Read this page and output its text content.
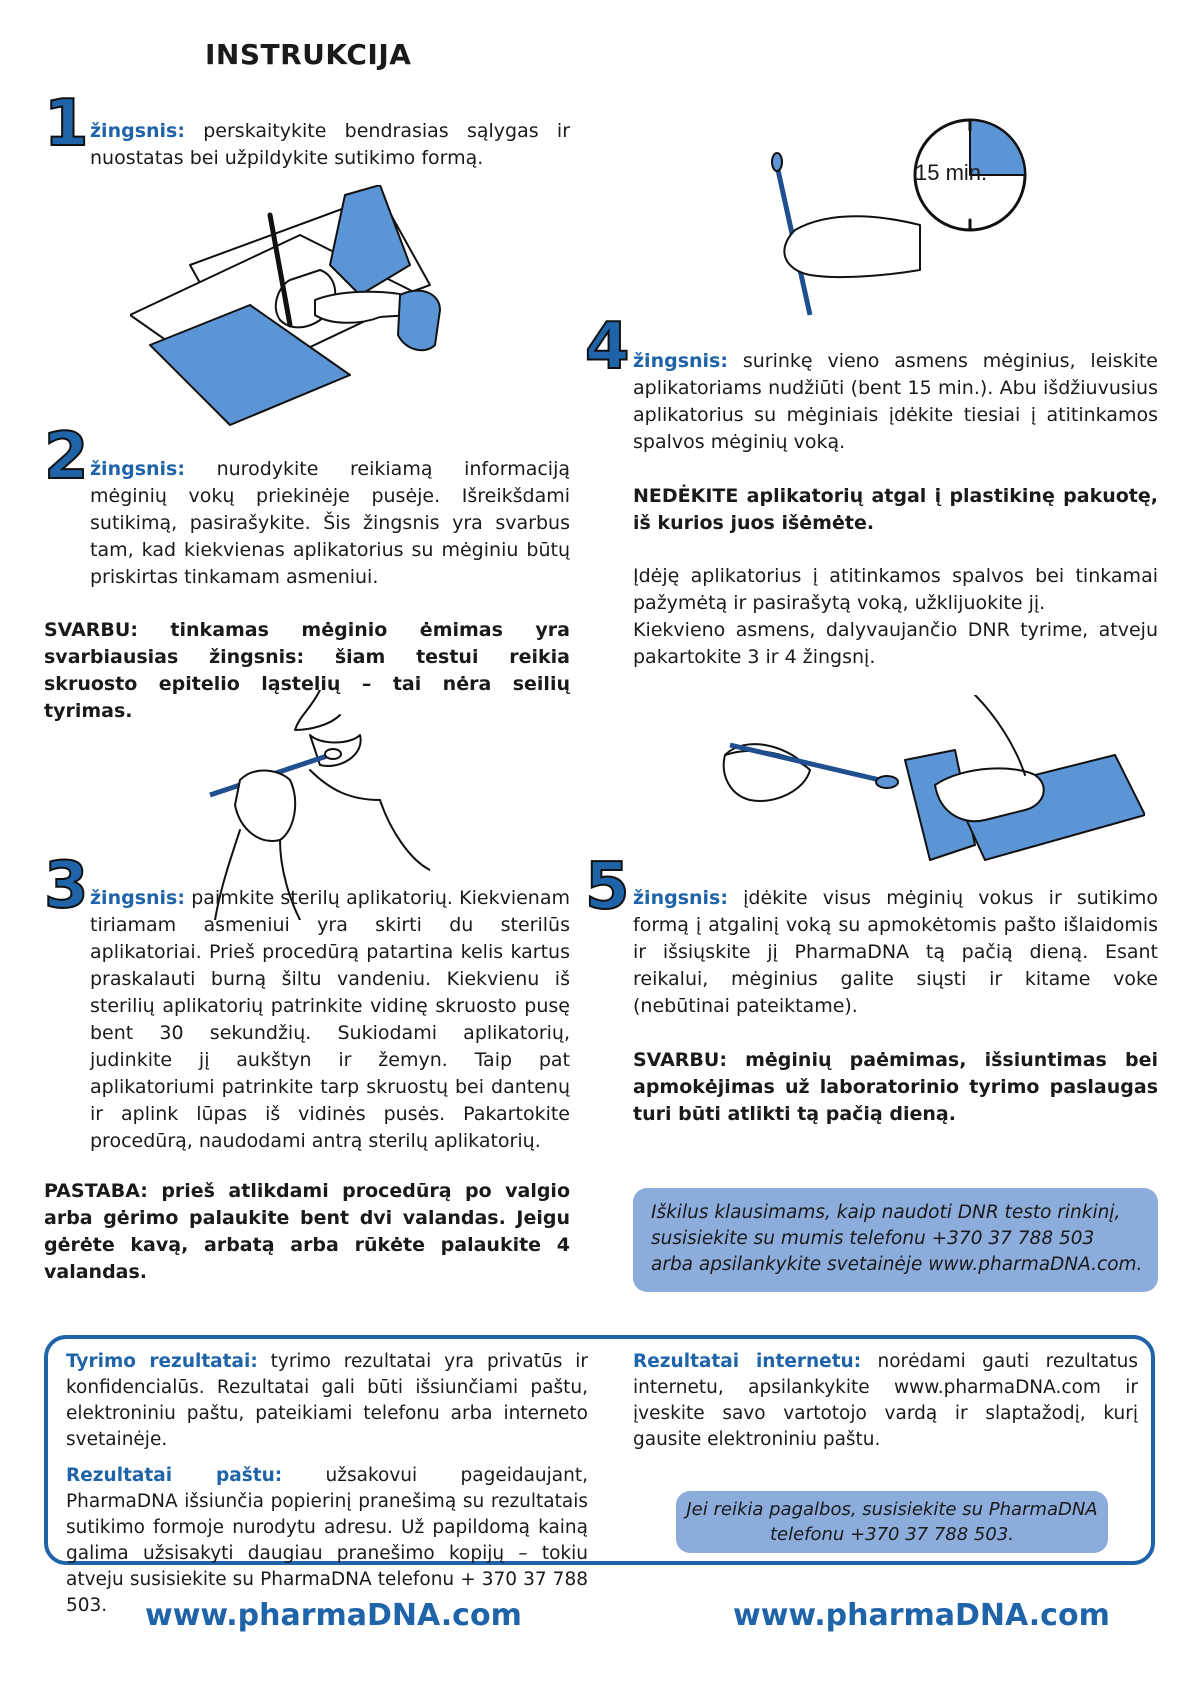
INSTRUKCIJA
1 žingsnis: perskaitykite bendrasias sąlygas ir nuostatas bei užpildykite sutikimo formą.

2 žingsnis: nurodykite reikiamą informaciją mėginių vokų priekinėje pusėje. Išreikšdami sutikimą, pasirašykite. Šis žingsnis yra svarbus tam, kad kiekvienas aplikatorius su mėginiu būtų priskirtas tinkamam asmeniui.

SVARBU: tinkamas mėginio ėmimas yra svarbiausias žingsnis: šiam testui reikia skruosto epitelio ląstelių – tai nėra seilių tyrimas.
3 žingsnis: paimkite sterilų aplikatorių. Kiekvienam tiriamam asmeniui yra skirti du sterilūs aplikatoriai. Prieš procedūrą patartina kelis kartus praskalauti burną šiltu vandeniu. Kiekvienu iš sterilių aplikatorių patrinkite vidinę skruosto pusę bent 30 sekundžių. Sukiodami aplikatorių, judinkite jį aukštyn ir žemyn. Taip pat aplikatoriumi patrinkite tarp skruostų bei dantenų ir aplink lūpas iš vidinės pusės. Pakartokite procedūrą, naudodami antrą sterilų aplikatorių.

PASTABA: prieš atlikdami procedūrą po valgio arba gėrimo palaukite bent dvi valandas. Jeigu gėrėte kavą, arbatą arba rūkėte palaukite 4 valandas.
15 min.
4 žingsnis: surinkę vieno asmens mėginius, leiskite aplikatoriams nudžiūti (bent 15 min.). Abu išdžiuvusius aplikatorius su mėginiais įdėkite tiesiai į atitinkamos spalvos mėginių voką.

NEDĖKITE aplikatorių atgal į plastikinę pakuotę, iš kurios juos išėmėte.
Įdėję aplikatorius į atitinkamos spalvos bei tinkamai pažymėtą ir pasirašytą voką, užklijuokite jį.
Kiekvieno asmens, dalyvaujančio DNR tyrime, atveju pakartokite 3 ir 4 žingsnį.
5 žingsnis: įdėkite visus mėginių vokus ir sutikimo formą į atgalinį voką su apmokėtomis pašto išlaidomis ir išsiųskite jį PharmaDNA tą pačią dieną. Esant reikalui, mėginius galite siųsti ir kitame voke (nebūtinai pateiktame).

SVARBU: mėginių paėmimas, išsiuntimas bei apmokėjimas už laboratorinio tyrimo paslaugas turi būti atlikti tą pačią dieną.
Iškilus klausimams, kaip naudoti DNR testo rinkinį,
susisiekite su mumis telefonu +370 37 788 503
arba apsilankykite svetainėje www.pharmaDNA.com.

Tyrimo rezultatai: tyrimo rezultatai yra privatūs ir konfidencialūs. Rezultatai gali būti išsiunčiami paštu, elektroniniu paštu, pateikiami telefonu arba interneto svetainėje.

Rezultatai paštu: užsakovui pageidaujant, PharmaDNA išsiunčia popierinį pranešimą su rezultatais sutikimo formoje nurodytu adresu. Už papildomą kainą galima užsisakyti daugiau pranešimo kopijų – tokiu atveju susisiekite su PharmaDNA telefonu + 370 37 788 503.

Rezultatai internetu: norėdami gauti rezultatus internetu, apsilankykite www.pharmaDNA.com ir įveskite savo vartotojo vardą ir slaptažodį, kurį gausite elektroniniu paštu.

Jei reikia pagalbos, susisiekite su PharmaDNA
telefonu +370 37 788 503.
www.pharmaDNA.com	www.pharmaDNA.com
